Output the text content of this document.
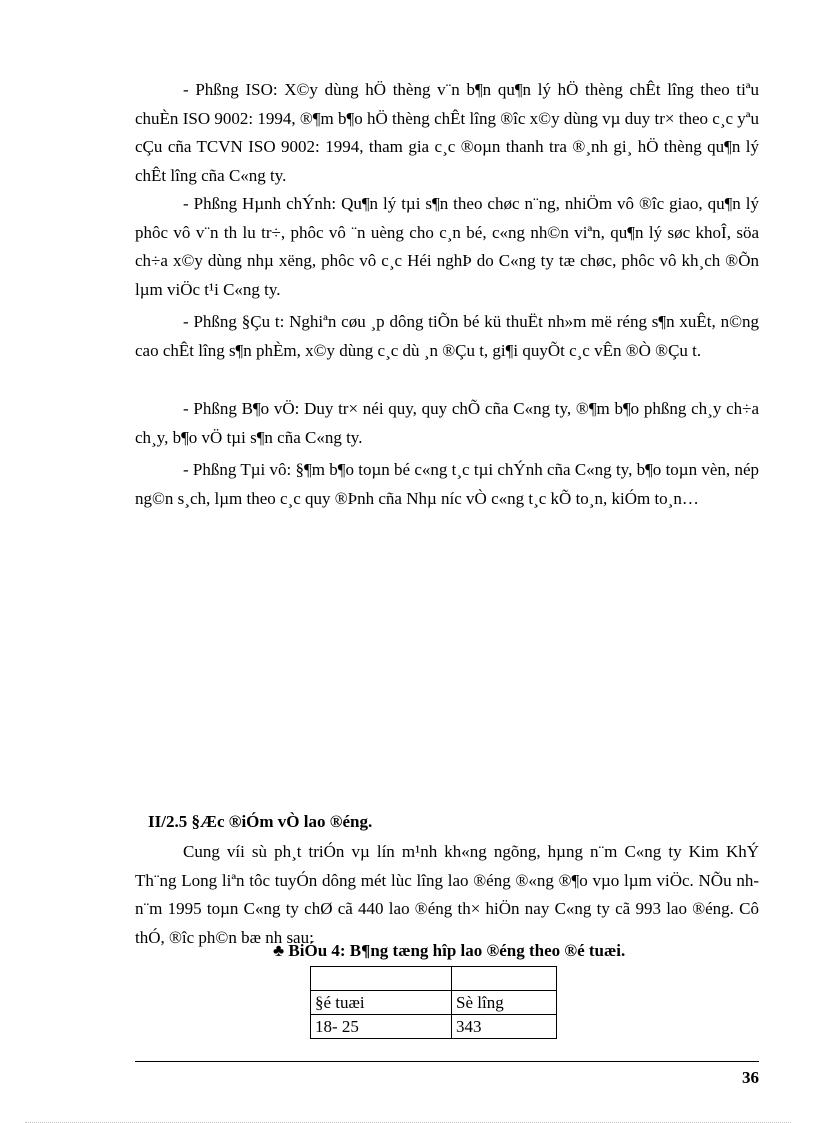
- Phßng ISO: X©y dùng hÖ thèng v¨n b¶n qu¶n lý hÖ thèng chÊt lîng theo tiªu chuÈn ISO 9002: 1994, ®¶m b¶o hÖ thèng chÊt lîng ®îc x©y dùng vµ duy tr× theo c¸c yªu cÇu cña TCVN ISO 9002: 1994, tham gia c¸c ®oµn thanh tra ®¸nh gi¸ hÖ thèng qu¶n lý chÊt lîng cña C«ng ty.

- Phßng Hµnh chÝnh: Qu¶n lý tµi s¶n theo chøc n¨ng, nhiÖm vô ®îc giao, qu¶n lý phôc vô v¨n th lu tr÷, phôc vô ¨n uèng cho c¸n bé, c«ng nh©n viªn, qu¶n lý søc khoÎ, söa ch÷a x©y dùng nhµ xëng, phôc vô c¸c Héi nghÞ do C«ng ty tæ chøc, phôc vô kh¸ch ®Õn lµm viÖc t¹i C«ng ty.

- Phßng §Çu t: Nghiªn cøu ¸p dông tiÕn bé kü thuËt nh»m më réng s¶n xuÊt, n©ng cao chÊt lîng s¶n phÈm, x©y dùng c¸c dù ¸n ®Çu t, gi¶i quyÕt c¸c vÊn ®Ò ®Çu t.

- Phßng B¶o vÖ: Duy tr× néi quy, quy chÕ cña C«ng ty, ®¶m b¶o phßng ch¸y ch÷a ch¸y, b¶o vÖ tµi s¶n cña C«ng ty.

- Phßng Tµi vô: §¶m b¶o toµn bé c«ng t¸c tµi chÝnh cña C«ng ty, b¶o toµn vèn, nép ng©n s¸ch, lµm theo c¸c quy ®Þnh cña Nhµ níc vÒ c«ng t¸c kÕ to¸n, kiÓm to¸n…

II/2.5 §Æc ®iÓm vÒ lao ®éng.

Cung víi sù ph¸t triÓn vµ lín m¹nh kh«ng ngõng, hµng n¨m C«ng ty Kim KhÝ Th¨ng Long liªn tôc tuyÓn dông mét lùc lîng lao ®éng ®«ng ®¶o vµo lµm viÖc. NÕu nh n¨m 1995 toµn C«ng ty chØ cã 440 lao ®éng th× hiÖn nay C«ng ty cã 993 lao ®éng. Cô thÓ, ®îc ph©n bæ nh sau:

♣ BiÓu 4: B¶ng tæng hîp lao ®éng theo ®é tuæi.

§é tuæi	Sè lîng
18- 25	343
36
